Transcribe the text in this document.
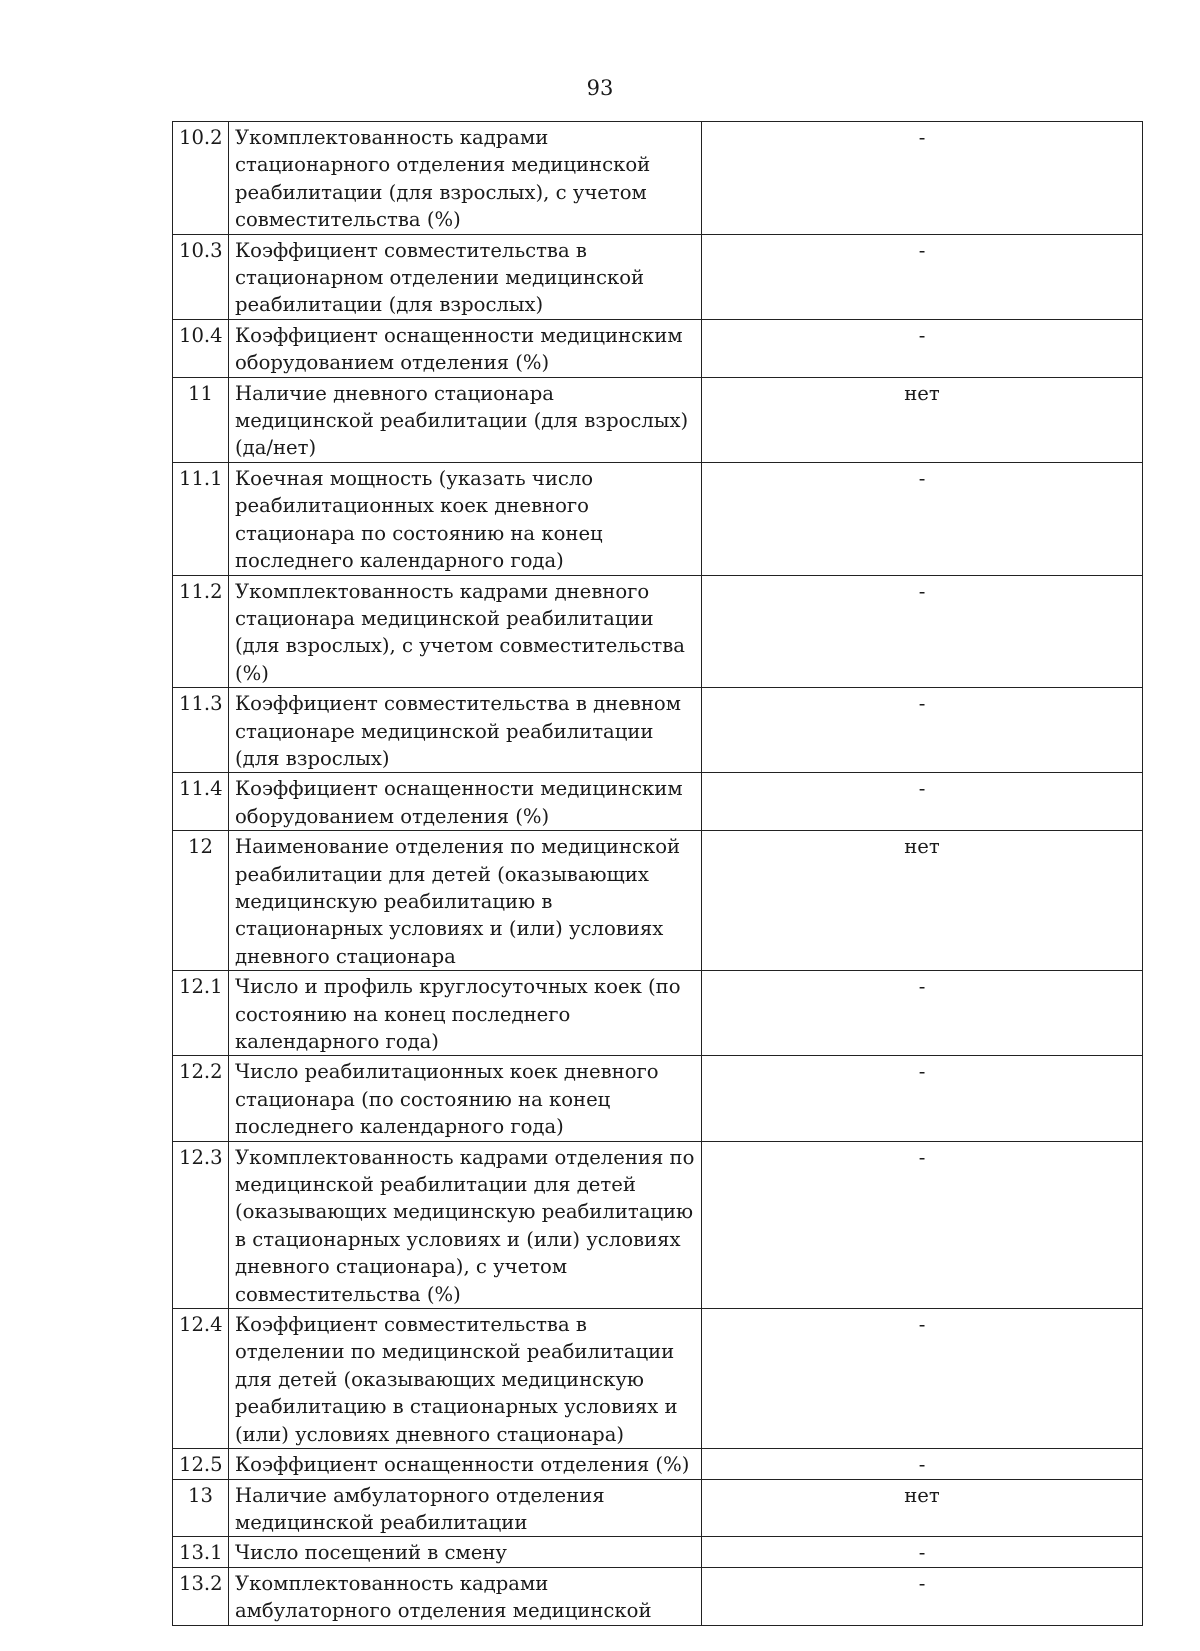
93
10.2	Укомплектованность кадрами стационарного отделения медицинской реабилитации (для взрослых), с учетом совместительства (%)	-
10.3	Коэффициент совместительства в стационарном отделении медицинской реабилитации (для взрослых)	-
10.4	Коэффициент оснащенности медицинским оборудованием отделения (%)	-
11	Наличие дневного стационара медицинской реабилитации (для взрослых) (да/нет)	нет
11.1	Коечная мощность (указать число реабилитационных коек дневного стационара по состоянию на конец последнего календарного года)	-
11.2	Укомплектованность кадрами дневного стационара медицинской реабилитации (для взрослых), с учетом совместительства (%)	-
11.3	Коэффициент совместительства в дневном стационаре медицинской реабилитации (для взрослых)	-
11.4	Коэффициент оснащенности медицинским оборудованием отделения (%)	-
12	Наименование отделения по медицинской реабилитации для детей (оказывающих медицинскую реабилитацию в стационарных условиях и (или) условиях дневного стационара	нет
12.1	Число и профиль круглосуточных коек (по состоянию на конец последнего календарного года)	-
12.2	Число реабилитационных коек дневного стационара (по состоянию на конец последнего календарного года)	-
12.3	Укомплектованность кадрами отделения по медицинской реабилитации для детей (оказывающих медицинскую реабилитацию в стационарных условиях и (или) условиях дневного стационара), с учетом совместительства (%)	-
12.4	Коэффициент совместительства в отделении по медицинской реабилитации для детей (оказывающих медицинскую реабилитацию в стационарных условиях и (или) условиях дневного стационара)	-
12.5	Коэффициент оснащенности отделения (%)	-
13	Наличие амбулаторного отделения медицинской реабилитации	нет
13.1	Число посещений в смену	-
13.2	Укомплектованность кадрами амбулаторного отделения медицинской	-
